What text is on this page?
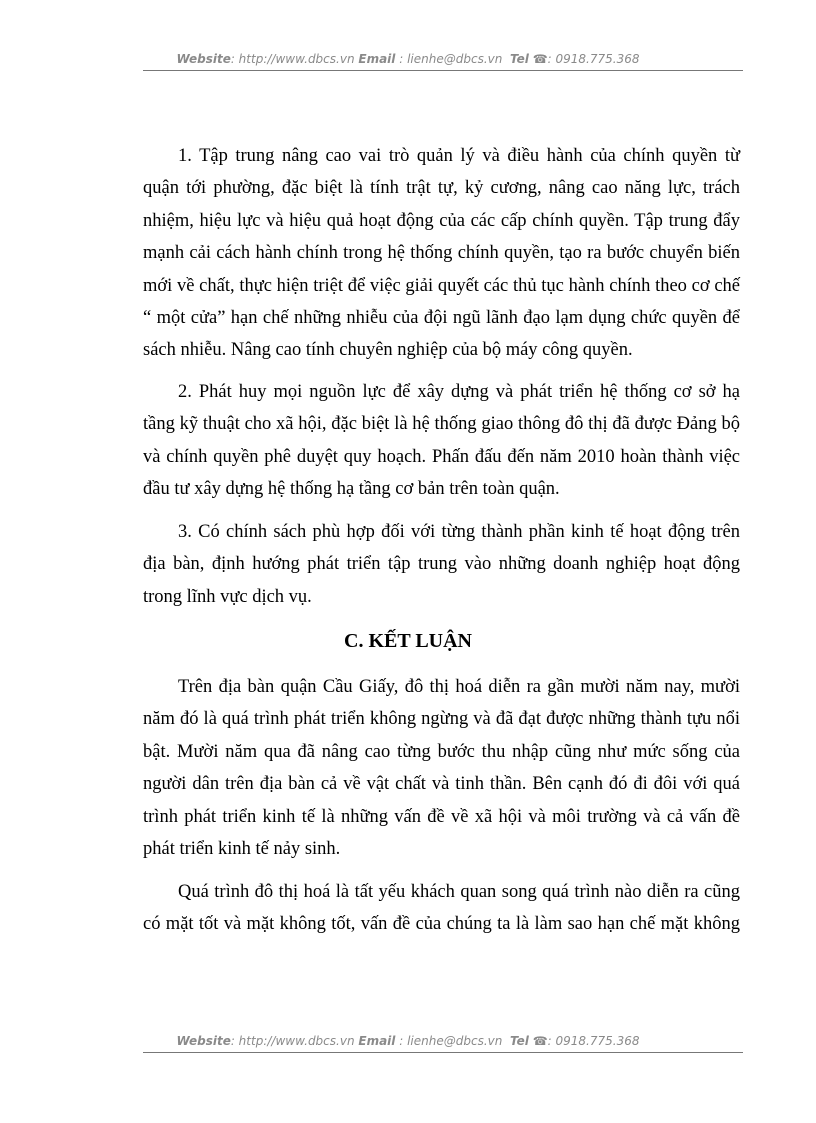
Website: http://www.dbcs.vn Email : lienhe@dbcs.vn Tel ☎: 0918.775.368
1. Tập trung nâng cao vai trò quản lý và điều hành của chính quyền từ
quận tới phường, đặc biệt là tính trật tự, kỷ cương, nâng cao năng lực, trách
nhiệm, hiệu lực và hiệu quả hoạt động của các cấp chính quyền. Tập trung đẩy
mạnh cải cách hành chính trong hệ thống chính quyền, tạo ra bước chuyển biến
mới về chất, thực hiện triệt để việc giải quyết các thủ tục hành chính theo cơ chế
“ một cửa” hạn chế những nhiễu của đội ngũ lãnh đạo lạm dụng chức quyền để
sách nhiễu. Nâng cao tính chuyên nghiệp của bộ máy công quyền.
2. Phát huy mọi nguồn lực để xây dựng và phát triển hệ thống cơ sở hạ
tầng kỹ thuật cho xã hội, đặc biệt là hệ thống giao thông đô thị đã được Đảng bộ
và chính quyền phê duyệt quy hoạch. Phấn đấu đến năm 2010 hoàn thành việc
đầu tư xây dựng hệ thống hạ tầng cơ bản trên toàn quận.
3. Có chính sách phù hợp đối với từng thành phần kinh tế hoạt động trên
địa bàn, định hướng phát triển tập trung vào những doanh nghiệp hoạt động
trong lĩnh vực dịch vụ.
C. KẾT LUẬN
Trên địa bàn quận Cầu Giấy, đô thị hoá diễn ra gần mười năm nay, mười
năm đó là quá trình phát triển không ngừng và đã đạt được những thành tựu nổi
bật. Mười năm qua đã nâng cao từng bước thu nhập cũng như mức sống của
người dân trên địa bàn cả về vật chất và tinh thần. Bên cạnh đó đi đôi với quá
trình phát triển kinh tế là những vấn đề về xã hội và môi trường và cả vấn đề
phát triển kinh tế nảy sinh.
Quá trình đô thị hoá là tất yếu khách quan song quá trình nào diễn ra cũng
có mặt tốt và mặt không tốt, vấn đề của chúng ta là làm sao hạn chế mặt không
Website: http://www.dbcs.vn Email : lienhe@dbcs.vn Tel ☎: 0918.775.368
